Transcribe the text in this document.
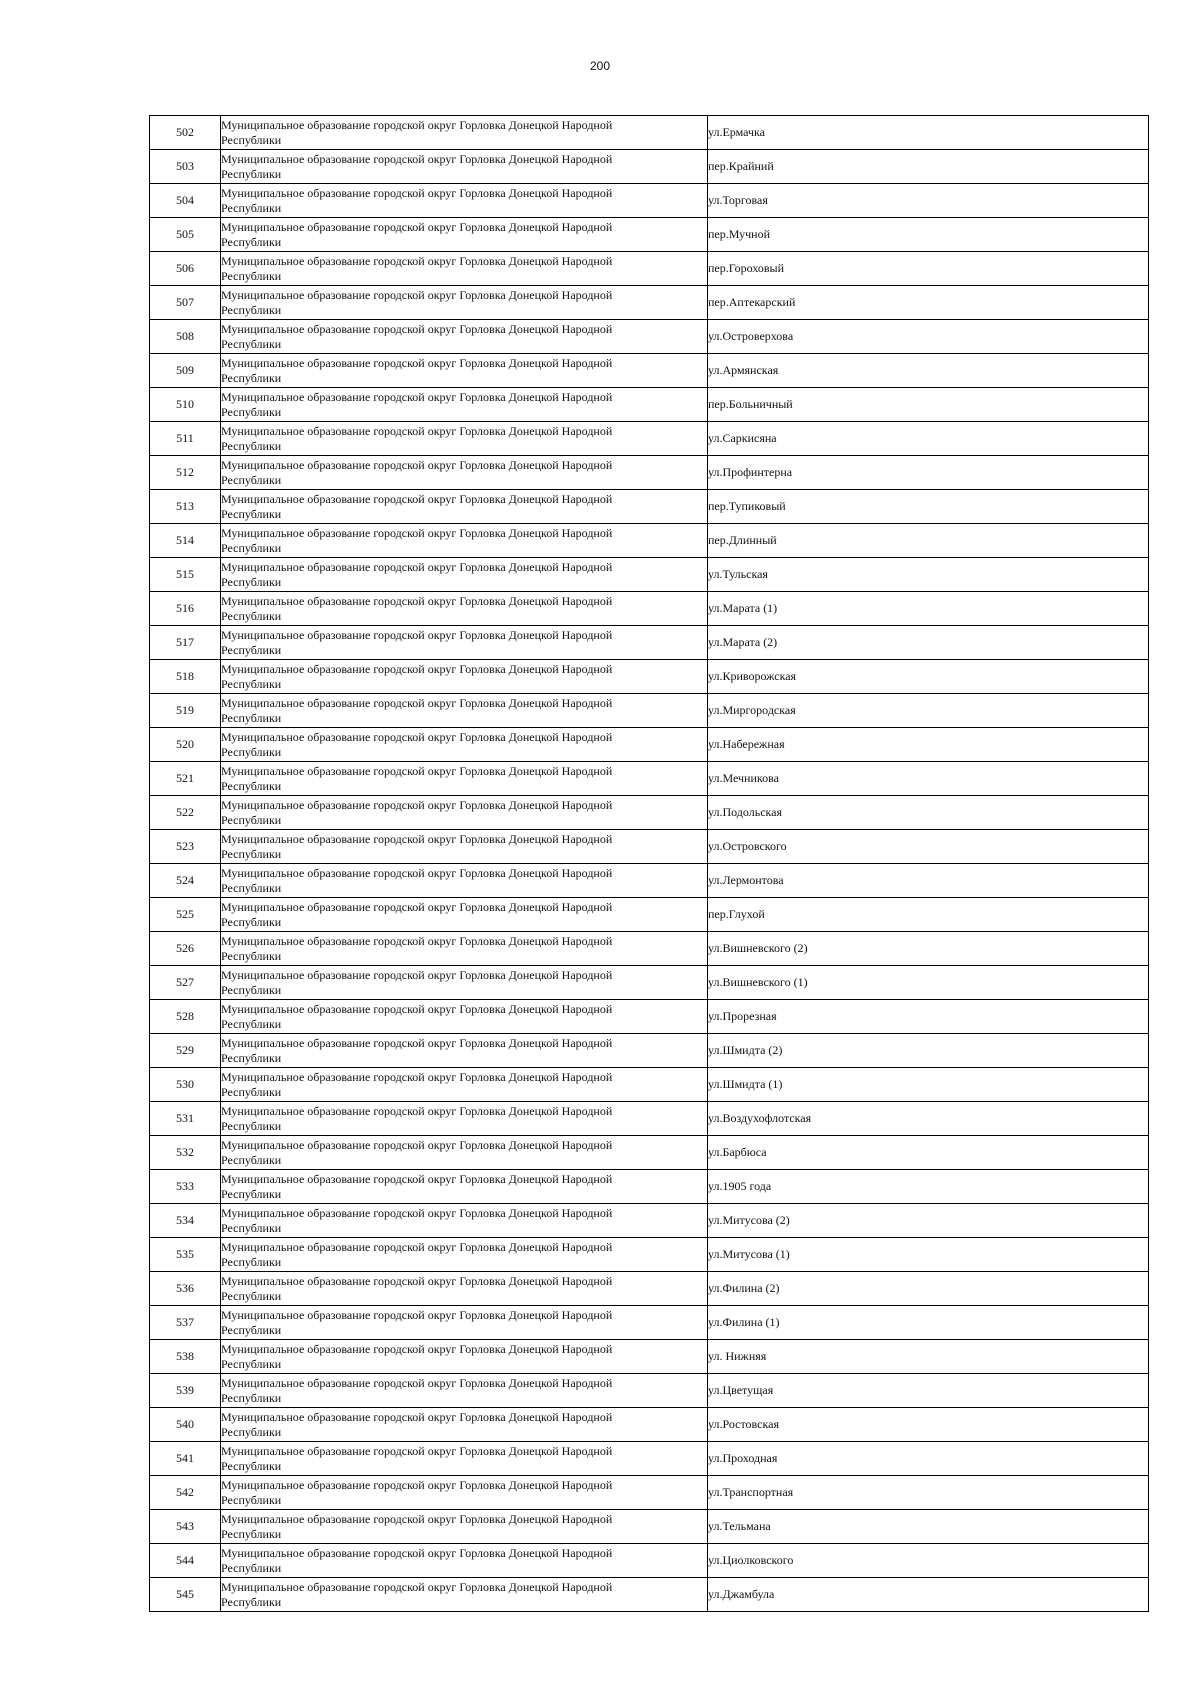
200
502	Муниципальное образование городской округ Горловка Донецкой Народной
Республики	ул.Ермачка
503	Муниципальное образование городской округ Горловка Донецкой Народной
Республики	пер.Крайний
504	Муниципальное образование городской округ Горловка Донецкой Народной
Республики	ул.Торговая
505	Муниципальное образование городской округ Горловка Донецкой Народной
Республики	пер.Мучной
506	Муниципальное образование городской округ Горловка Донецкой Народной
Республики	пер.Гороховый
507	Муниципальное образование городской округ Горловка Донецкой Народной
Республики	пер.Аптекарский
508	Муниципальное образование городской округ Горловка Донецкой Народной
Республики	ул.Островерхова
509	Муниципальное образование городской округ Горловка Донецкой Народной
Республики	ул.Армянская
510	Муниципальное образование городской округ Горловка Донецкой Народной
Республики	пер.Больничный
511	Муниципальное образование городской округ Горловка Донецкой Народной
Республики	ул.Саркисяна
512	Муниципальное образование городской округ Горловка Донецкой Народной
Республики	ул.Профинтерна
513	Муниципальное образование городской округ Горловка Донецкой Народной
Республики	пер.Тупиковый
514	Муниципальное образование городской округ Горловка Донецкой Народной
Республики	пер.Длинный
515	Муниципальное образование городской округ Горловка Донецкой Народной
Республики	ул.Тульская
516	Муниципальное образование городской округ Горловка Донецкой Народной
Республики	ул.Марата (1)
517	Муниципальное образование городской округ Горловка Донецкой Народной
Республики	ул.Марата (2)
518	Муниципальное образование городской округ Горловка Донецкой Народной
Республики	ул.Криворожская
519	Муниципальное образование городской округ Горловка Донецкой Народной
Республики	ул.Миргородская
520	Муниципальное образование городской округ Горловка Донецкой Народной
Республики	ул.Набережная
521	Муниципальное образование городской округ Горловка Донецкой Народной
Республики	ул.Мечникова
522	Муниципальное образование городской округ Горловка Донецкой Народной
Республики	ул.Подольская
523	Муниципальное образование городской округ Горловка Донецкой Народной
Республики	ул.Островского
524	Муниципальное образование городской округ Горловка Донецкой Народной
Республики	ул.Лермонтова
525	Муниципальное образование городской округ Горловка Донецкой Народной
Республики	пер.Глухой
526	Муниципальное образование городской округ Горловка Донецкой Народной
Республики	ул.Вишневского (2)
527	Муниципальное образование городской округ Горловка Донецкой Народной
Республики	ул.Вишневского (1)
528	Муниципальное образование городской округ Горловка Донецкой Народной
Республики	ул.Прорезная
529	Муниципальное образование городской округ Горловка Донецкой Народной
Республики	ул.Шмидта (2)
530	Муниципальное образование городской округ Горловка Донецкой Народной
Республики	ул.Шмидта (1)
531	Муниципальное образование городской округ Горловка Донецкой Народной
Республики	ул.Воздухофлотская
532	Муниципальное образование городской округ Горловка Донецкой Народной
Республики	ул.Барбюса
533	Муниципальное образование городской округ Горловка Донецкой Народной
Республики	ул.1905 года
534	Муниципальное образование городской округ Горловка Донецкой Народной
Республики	ул.Митусова (2)
535	Муниципальное образование городской округ Горловка Донецкой Народной
Республики	ул.Митусова (1)
536	Муниципальное образование городской округ Горловка Донецкой Народной
Республики	ул.Филина (2)
537	Муниципальное образование городской округ Горловка Донецкой Народной
Республики	ул.Филина (1)
538	Муниципальное образование городской округ Горловка Донецкой Народной
Республики	ул. Нижняя
539	Муниципальное образование городской округ Горловка Донецкой Народной
Республики	ул.Цветущая
540	Муниципальное образование городской округ Горловка Донецкой Народной
Республики	ул.Ростовская
541	Муниципальное образование городской округ Горловка Донецкой Народной
Республики	ул.Проходная
542	Муниципальное образование городской округ Горловка Донецкой Народной
Республики	ул.Транспортная
543	Муниципальное образование городской округ Горловка Донецкой Народной
Республики	ул.Тельмана
544	Муниципальное образование городской округ Горловка Донецкой Народной
Республики	ул.Циолковского
545	Муниципальное образование городской округ Горловка Донецкой Народной
Республики	ул.Джамбула
